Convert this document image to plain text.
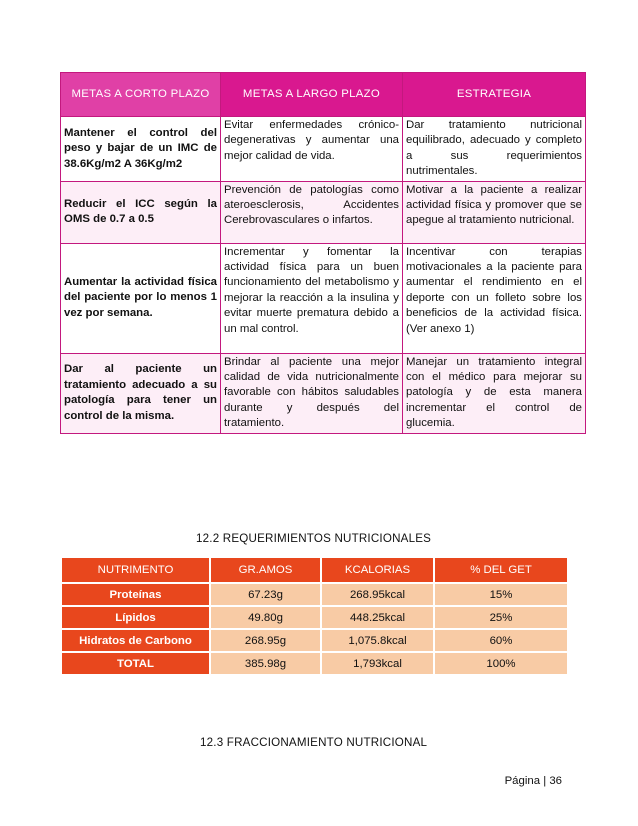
METAS A CORTO PLAZO	METAS A LARGO PLAZO	ESTRATEGIA
Mantener el control del peso y bajar de un IMC de 38.6Kg/m2 A 36Kg/m2	Evitar enfermedades crónico-degenerativas y aumentar una mejor calidad de vida.	Dar tratamiento nutricional equilibrado, adecuado y completo a sus requerimientos nutrimentales.
Reducir el ICC según la OMS de 0.7 a 0.5	Prevención de patologías como ateroesclerosis, Accidentes Cerebrovasculares o infartos.	Motivar a la paciente a realizar actividad física y promover que se apegue al tratamiento nutricional.
Aumentar la actividad física del paciente por lo menos 1 vez por semana.	Incrementar y fomentar la actividad física para un buen funcionamiento del metabolismo y mejorar la reacción a la insulina y evitar muerte prematura debido a un mal control.	Incentivar con terapias motivacionales a la paciente para aumentar el rendimiento en el deporte con un folleto sobre los beneficios de la actividad física.(Ver anexo 1)
Dar al paciente un tratamiento adecuado a su patología para tener un control de la misma.	Brindar al paciente una mejor calidad de vida nutricionalmente favorable con hábitos saludables durante y después del tratamiento.	Manejar un tratamiento integral con el médico para mejorar su patología y de esta manera incrementar el control de glucemia.
12.2 REQUERIMIENTOS NUTRICIONALES
NUTRIMENTO	GR.AMOS	KCALORIAS	% DEL GET
Proteínas	67.23g	268.95kcal	15%
Lípidos	49.80g	448.25kcal	25%
Hidratos de Carbono	268.95g	1,075.8kcal	60%
TOTAL	385.98g	1,793kcal	100%
12.3 FRACCIONAMIENTO NUTRICIONAL
Página | 36
